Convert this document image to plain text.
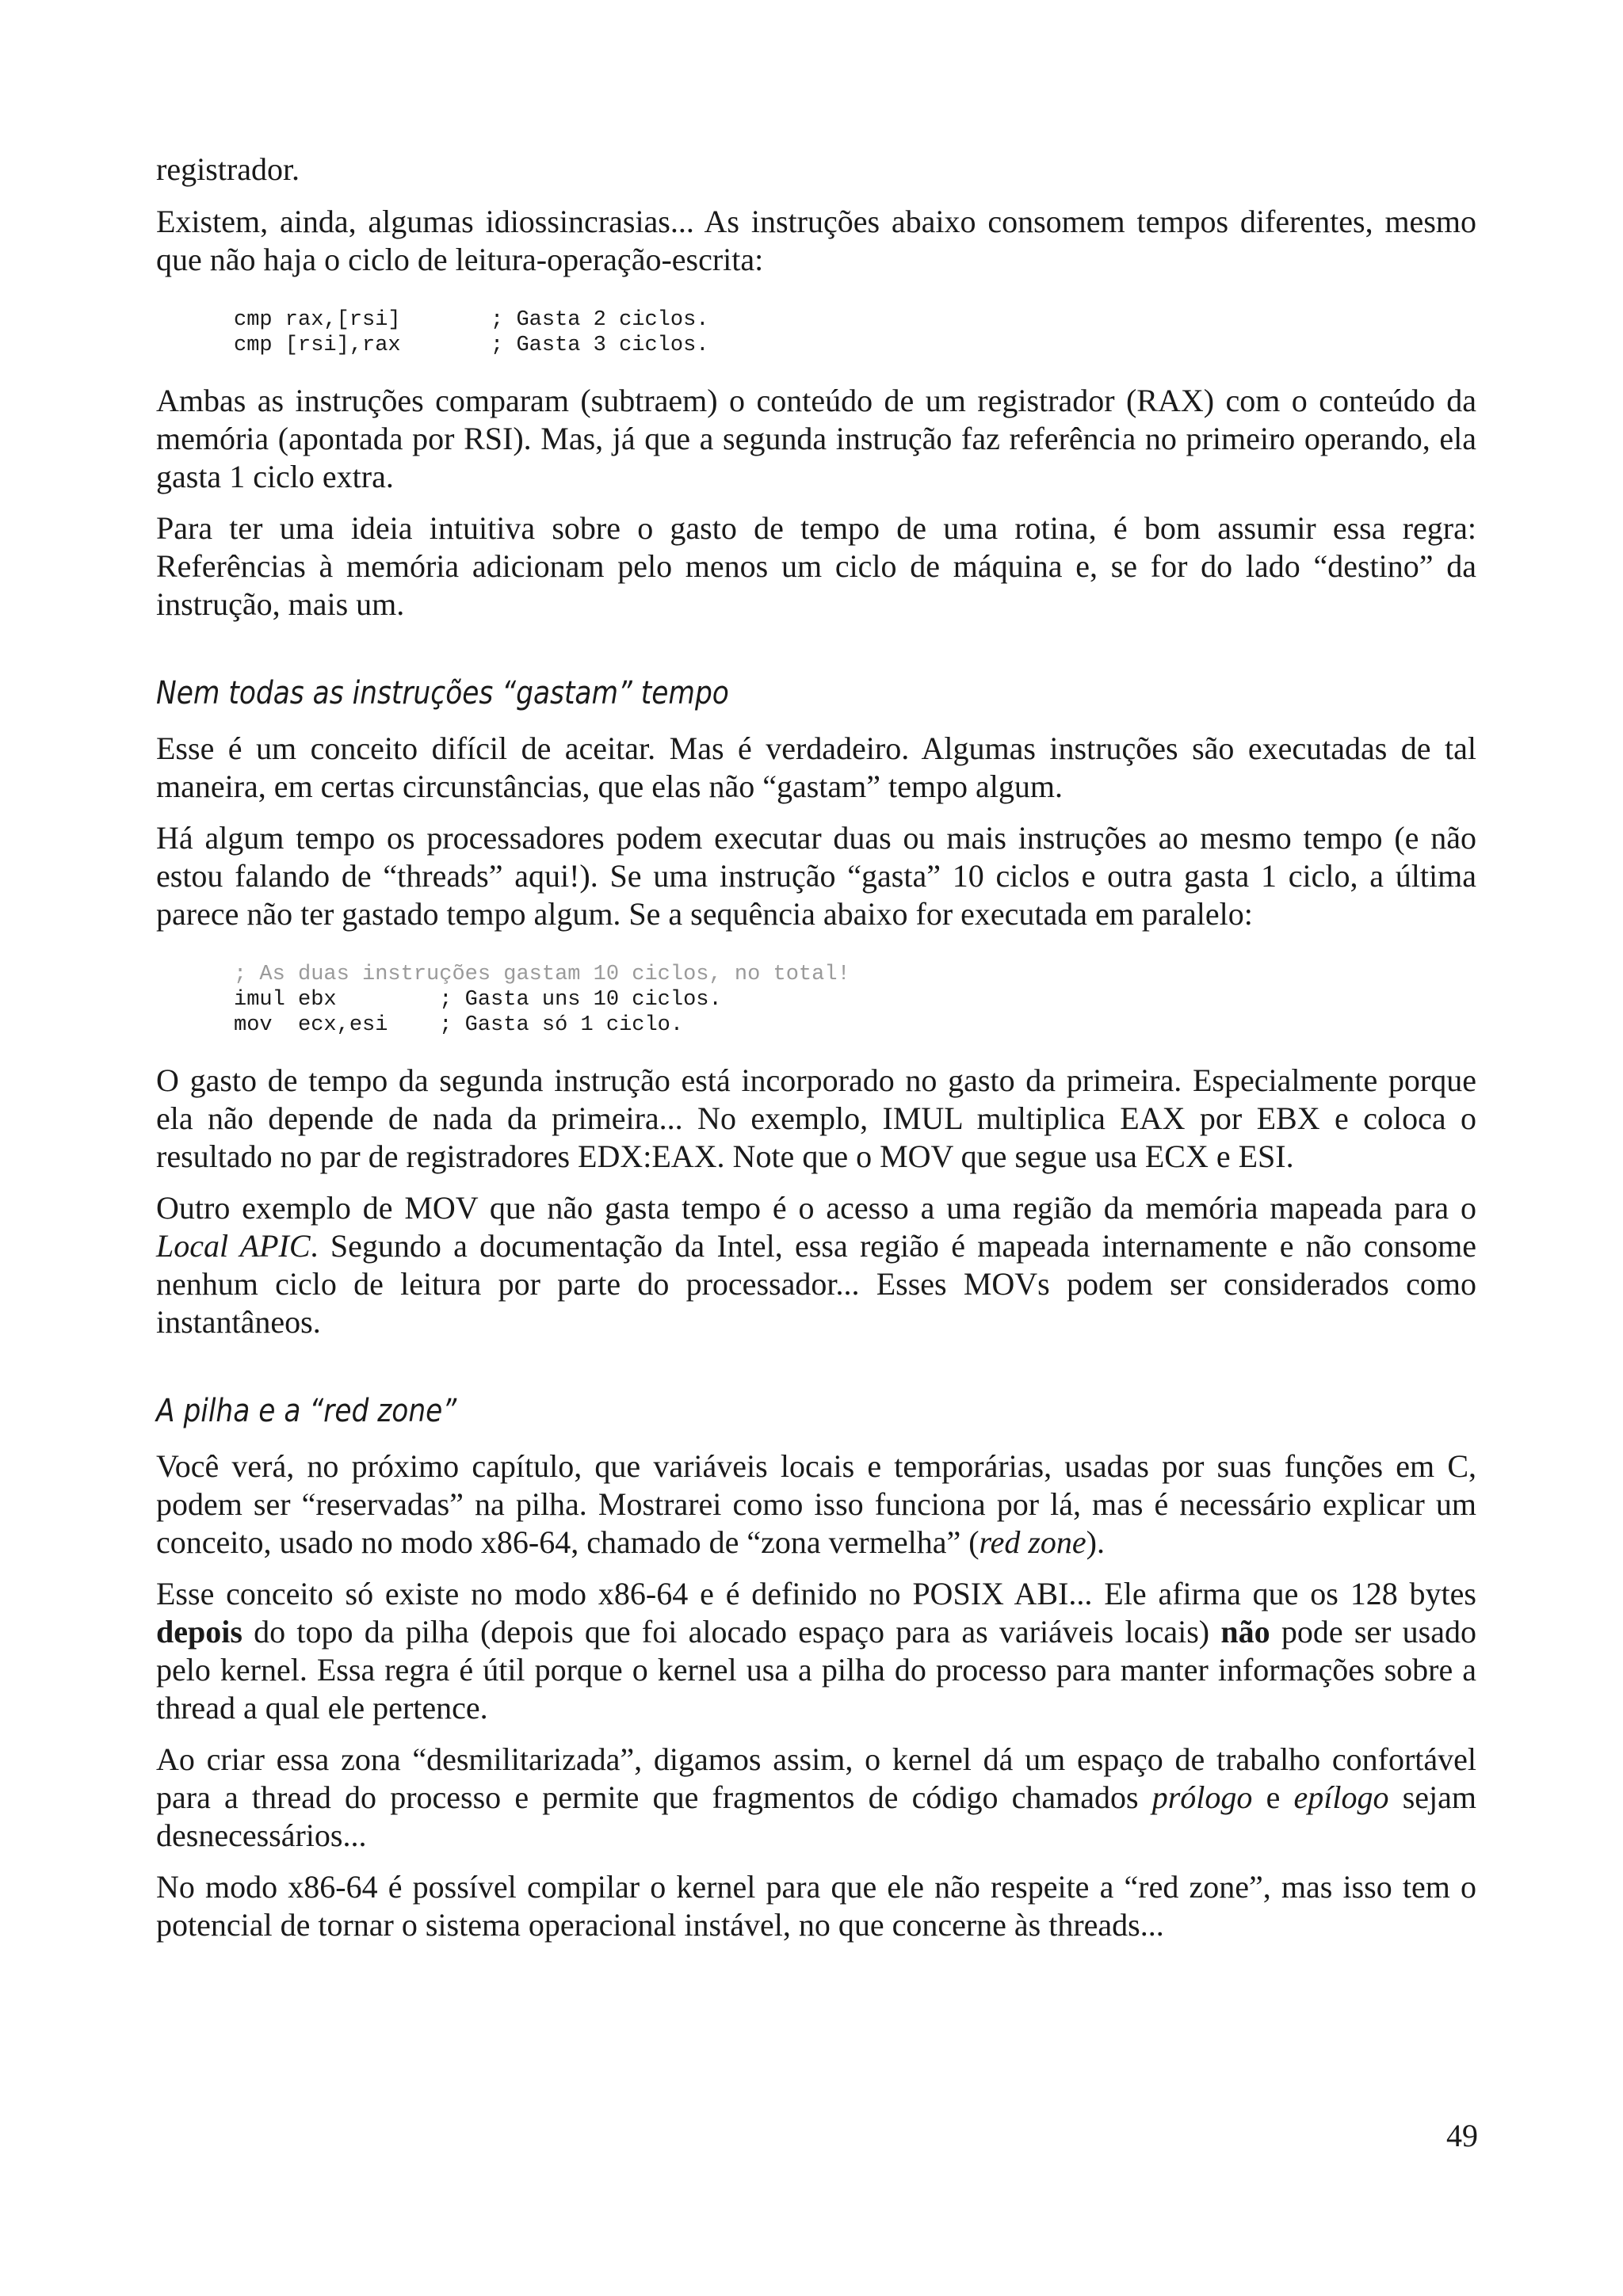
registrador.

Existem, ainda, algumas idiossincrasias... As instruções abaixo consomem tempos diferentes, mesmo que não haja o ciclo de leitura-operação-escrita:

cmp rax,[rsi]       ; Gasta 2 ciclos.
cmp [rsi],rax       ; Gasta 3 ciclos.

Ambas as instruções comparam (subtraem) o conteúdo de um registrador (RAX) com o conteúdo da memória (apontada por RSI). Mas, já que a segunda instrução faz referência no primeiro operando, ela gasta 1 ciclo extra.

Para ter uma ideia intuitiva sobre o gasto de tempo de uma rotina, é bom assumir essa regra: Referências à memória adicionam pelo menos um ciclo de máquina e, se for do lado “destino” da instrução, mais um.

Nem todas as instruções “gastam” tempo

Esse é um conceito difícil de aceitar. Mas é verdadeiro. Algumas instruções são executadas de tal maneira, em certas circunstâncias, que elas não “gastam” tempo algum.

Há algum tempo os processadores podem executar duas ou mais instruções ao mesmo tempo (e não estou falando de “threads” aqui!). Se uma instrução “gasta” 10 ciclos e outra gasta 1 ciclo, a última parece não ter gastado tempo algum. Se a sequência abaixo for executada em paralelo:

; As duas instruções gastam 10 ciclos, no total!
imul ebx        ; Gasta uns 10 ciclos.
mov  ecx,esi    ; Gasta só 1 ciclo.

O gasto de tempo da segunda instrução está incorporado no gasto da primeira. Especialmente porque ela não depende de nada da primeira... No exemplo, IMUL multiplica EAX por EBX e coloca o resultado no par de registradores EDX:EAX. Note que o MOV que segue usa ECX e ESI.

Outro exemplo de MOV que não gasta tempo é o acesso a uma região da memória mapeada para o Local APIC. Segundo a documentação da Intel, essa região é mapeada internamente e não consome nenhum ciclo de leitura por parte do processador... Esses MOVs podem ser considerados como instantâneos.

A pilha e a “red zone”

Você verá, no próximo capítulo, que variáveis locais e temporárias, usadas por suas funções em C, podem ser “reservadas” na pilha. Mostrarei como isso funciona por lá, mas é necessário explicar um conceito, usado no modo x86-64, chamado de “zona vermelha” (red zone).

Esse conceito só existe no modo x86-64 e é definido no POSIX ABI... Ele afirma que os 128 bytes depois do topo da pilha (depois que foi alocado espaço para as variáveis locais) não pode ser usado pelo kernel. Essa regra é útil porque o kernel usa a pilha do processo para manter informações sobre a thread a qual ele pertence.

Ao criar essa zona “desmilitarizada”, digamos assim, o kernel dá um espaço de trabalho confortável para a thread do processo e permite que fragmentos de código chamados prólogo e epílogo sejam desnecessários...

No modo x86-64 é possível compilar o kernel para que ele não respeite a “red zone”, mas isso tem o potencial de tornar o sistema operacional instável, no que concerne às threads...

49
